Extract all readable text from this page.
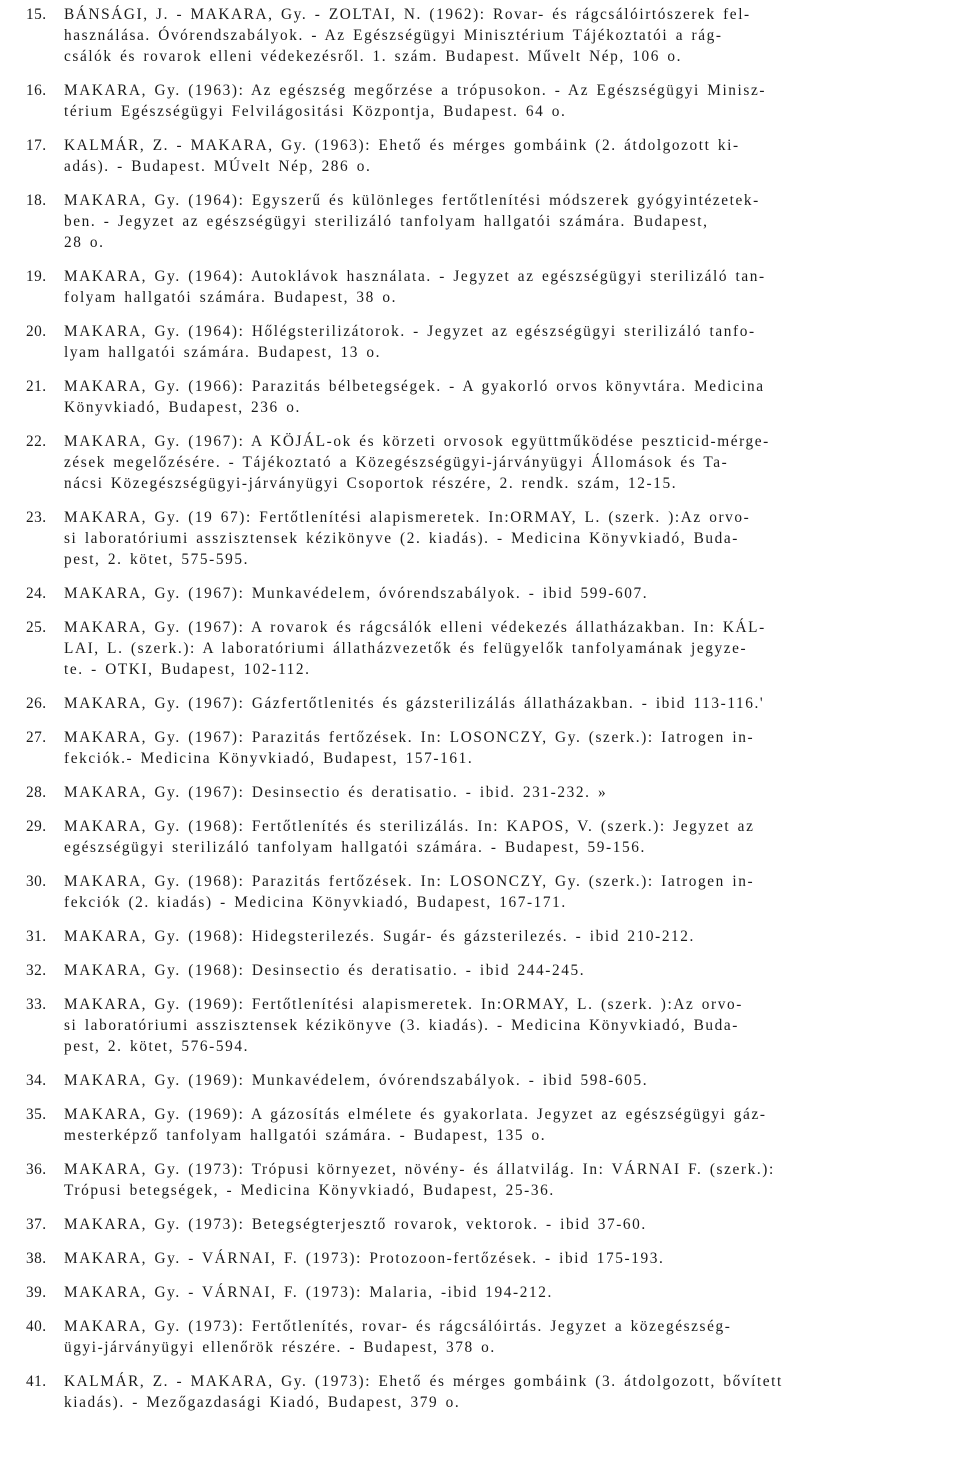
15. BÁNSÁGI, J. - MAKARA, Gy. - ZOLTAI, N. (1962): Rovar- és rágcsálóirtószerek fel-
használása. Óvórendszabályok. - Az Egészségügyi Minisztérium Tájékoztatói a rág-
csálók és rovarok elleni védekezésről. 1. szám. Budapest. Művelt Nép, 106 o.
16. MAKARA, Gy. (1963): Az egészség megőrzése a trópusokon. - Az Egészségügyi Minisz-
térium Egészségügyi Felvilágositási Központja, Budapest. 64 o.
17. KALMÁR, Z. - MAKARA, Gy. (1963): Ehető és mérges gombáink (2. átdolgozott ki-
adás). - Budapest. MÚvelt Nép, 286 o.
18. MAKARA, Gy. (1964): Egyszerű és különleges fertőtlenítési módszerek gyógyintézetek-
ben. - Jegyzet az egészségügyi sterilizáló tanfolyam hallgatói számára. Budapest,
28 o.
19. MAKARA, Gy. (1964): Autoklávok használata. - Jegyzet az egészségügyi sterilizáló tan-
folyam hallgatói számára. Budapest, 38 o.
20. MAKARA, Gy. (1964): Hőlégsterilizátorok. - Jegyzet az egészségügyi sterilizáló tanfo-
lyam hallgatói számára. Budapest, 13 o.
21. MAKARA, Gy. (1966): Parazitás bélbetegségek. - A gyakorló orvos könyvtára. Medicina
Könyvkiadó, Budapest, 236 o.
22. MAKARA, Gy. (1967): A KÖJÁL-ok és körzeti orvosok együttműködése peszticid-mérge-
zések megelőzésére. - Tájékoztató a Közegészségügyi-járványügyi Állomások és Ta-
nácsi Közegészségügyi-járványügyi Csoportok részére, 2. rendk. szám, 12-15.
23. MAKARA, Gy. (19 67): Fertőtlenítési alapismeretek. In:ORMAY, L. (szerk. ):Az orvo-
si laboratóriumi asszisztensek kézikönyve (2. kiadás). - Medicina Könyvkiadó, Buda-
pest, 2. kötet, 575-595.
24. MAKARA, Gy. (1967): Munkavédelem, óvórendszabályok. - ibid 599-607.
25. MAKARA, Gy. (1967): A rovarok és rágcsálók elleni védekezés állatházakban. In: KÁL-
LAI, L. (szerk.): A laboratóriumi állatházvezetők és felügyelők tanfolyamának jegyze-
te. - OTKI, Budapest, 102-112.
26. MAKARA, Gy. (1967): Gázfertőtlenités és gázsterilizálás állatházakban. - ibid 113-116.'
27. MAKARA, Gy. (1967): Parazitás fertőzések. In: LOSONCZY, Gy. (szerk.): Iatrogen in-
fekciók.- Medicina Könyvkiadó, Budapest, 157-161.
28. MAKARA, Gy. (1967): Desinsectio és deratisatio. - ibid. 231-232. »
29. MAKARA, Gy. (1968): Fertőtlenítés és sterilizálás. In: KAPOS, V. (szerk.): Jegyzet az
egészségügyi sterilizáló tanfolyam hallgatói számára. - Budapest, 59-156.
30. MAKARA, Gy. (1968): Parazitás fertőzések. In: LOSONCZY, Gy. (szerk.): Iatrogen in-
fekciók (2. kiadás) - Medicina Könyvkiadó, Budapest, 167-171.
31. MAKARA, Gy. (1968): Hidegsterilezés. Sugár- és gázsterilezés. - ibid 210-212.
32. MAKARA, Gy. (1968): Desinsectio és deratisatio. - ibid 244-245.
33. MAKARA, Gy. (1969): Fertőtlenítési alapismeretek. In:ORMAY, L. (szerk. ):Az orvo-
si laboratóriumi asszisztensek kézikönyve (3. kiadás). - Medicina Könyvkiadó, Buda-
pest, 2. kötet, 576-594.
34. MAKARA, Gy. (1969): Munkavédelem, óvórendszabályok. - ibid 598-605.
35. MAKARA, Gy. (1969): A gázosítás elmélete és gyakorlata. Jegyzet az egészségügyi gáz-
mesterképző tanfolyam hallgatói számára. - Budapest, 135 o.
36. MAKARA, Gy. (1973): Trópusi környezet, növény- és állatvilág. In: VÁRNAI F. (szerk.):
Trópusi betegségek, - Medicina Könyvkiadó, Budapest, 25-36.
37. MAKARA, Gy. (1973): Betegségterjesztő rovarok, vektorok. - ibid 37-60.
38. MAKARA, Gy. - VÁRNAI, F. (1973): Protozoon-fertőzések. - ibid 175-193.
39. MAKARA, Gy. - VÁRNAI, F. (1973): Malaria, -ibid 194-212.
40. MAKARA, Gy. (1973): Fertőtlenítés, rovar- és rágcsálóirtás. Jegyzet a közegészség-
ügyi-járványügyi ellenőrök részére. - Budapest, 378 o.
41. KALMÁR, Z. - MAKARA, Gy. (1973): Ehető és mérges gombáink (3. átdolgozott, bővített
kiadás). - Mezőgazdasági Kiadó, Budapest, 379 o.
